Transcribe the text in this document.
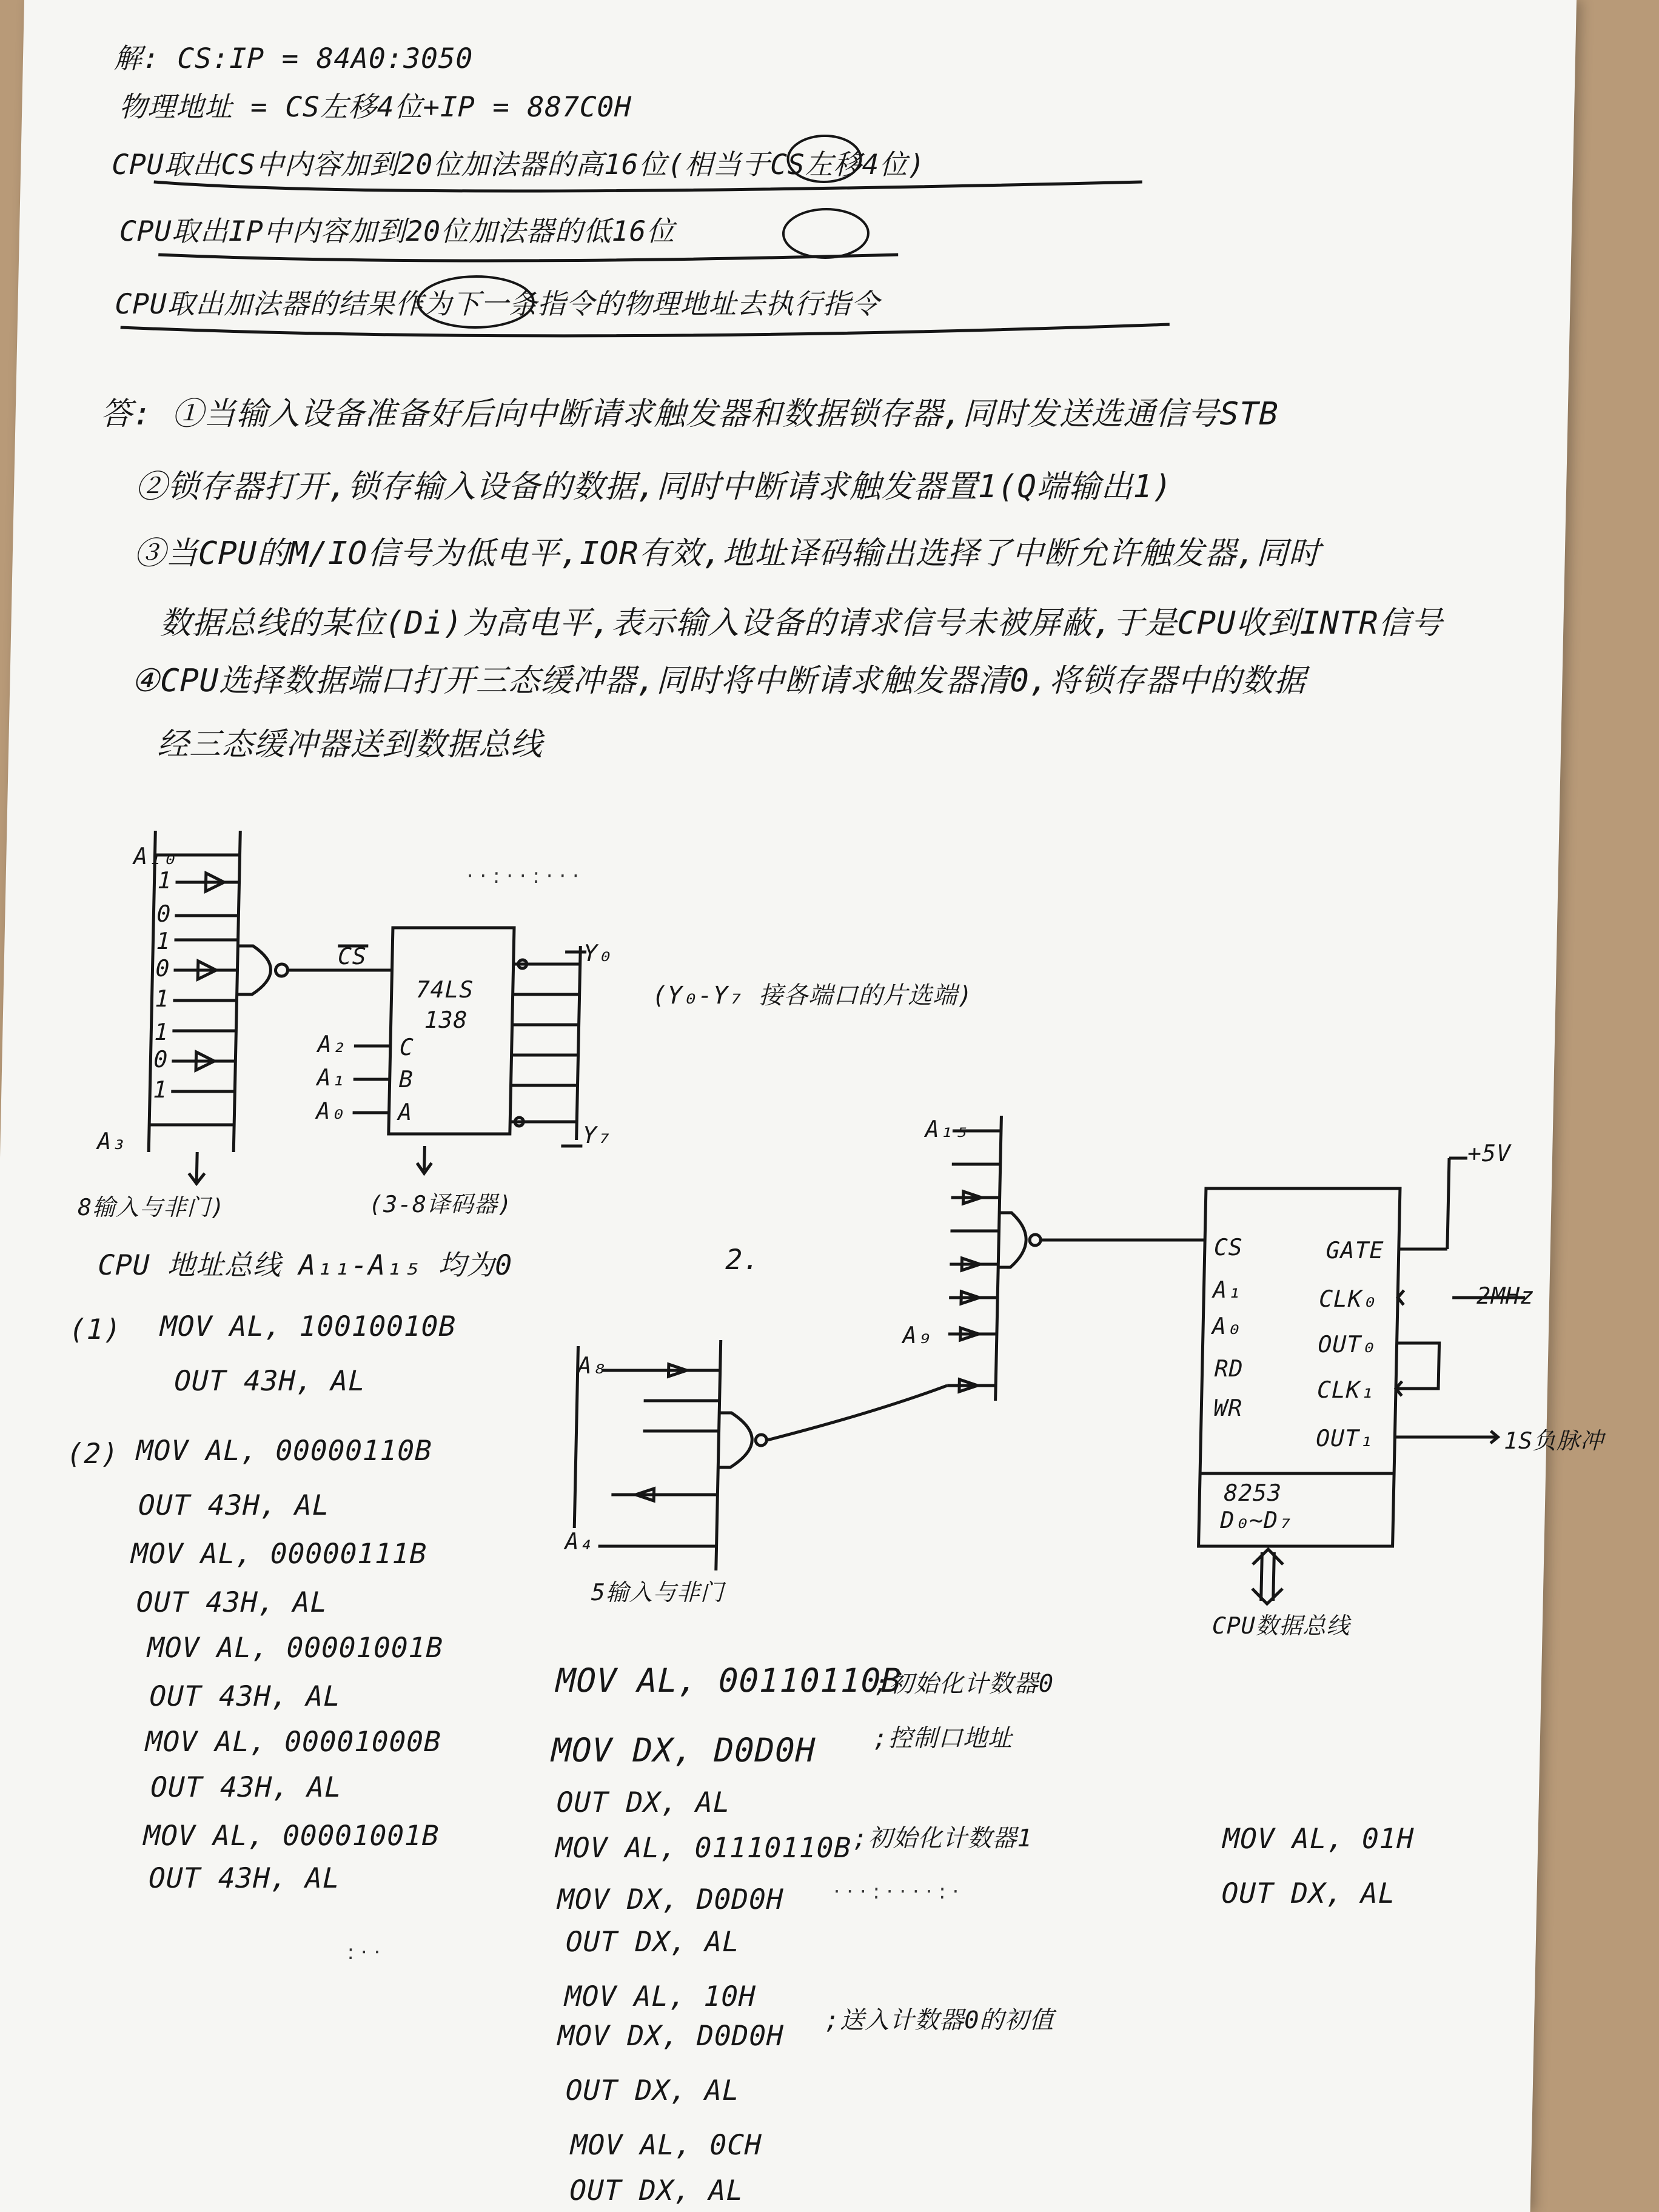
解: CS:IP = 84A0:3050
物理地址 = CS左移4位+IP = 887C0H
CPU取出CS中内容加到20位加法器的高16位(相当于CS左移4位)
CPU取出IP中内容加到20位加法器的低16位
CPU取出加法器的结果作为下一条指令的物理地址去执行指令
答: ①当输入设备准备好后向中断请求触发器和数据锁存器,同时发送选通信号STB
②锁存器打开,锁存输入设备的数据,同时中断请求触发器置1(Q端输出1)
③当CPU的M/IO信号为低电平,IOR有效,地址译码输出选择了中断允许触发器,同时
数据总线的某位(Di)为高电平,表示输入设备的请求信号未被屏蔽,于是CPU收到INTR信号
④CPU选择数据端口打开三态缓冲器,同时将中断请求触发器清0,将锁存器中的数据
经三态缓冲器送到数据总线
A₁₀
A₃
1
0
1
0
1
1
0
1
CS
74LS
138
A₂
A₁
A₀
C
B
A
Y₀
Y₇
8输入与非门)	(3-8译码器)
(Y₀-Y₇ 接各端口的片选端)
CPU 地址总线 A₁₁-A₁₅ 均为0
(1) MOV AL, 10010010B
OUT 43H, AL
(2) MOV AL, 00000110B
OUT 43H, AL
MOV AL, 00000111B
OUT 43H, AL
MOV AL, 00001001B
OUT 43H, AL
MOV AL, 00001000B
OUT 43H, AL
MOV AL, 00001001B
OUT 43H, AL
A₁₅
A₉
A₈
A₄
5输入与非门
2.	CS
A₁
A₀
RD
WR
GATE
CLK₀
OUT₀
CLK₁
OUT₁
8253
D₀~D₇
+5V
2MHz
1S负脉冲
CPU数据总线
MOV AL, 00110110B
;初始化计数器0
MOV DX, D0D0H ;控制口地址
OUT DX, AL
MOV AL, 01110110B ;初始化计数器1
MOV DX, D0D0H
OUT DX, AL
MOV AL, 10H
MOV DX, D0D0H ;送入计数器0的初值
OUT DX, AL
MOV AL, 0CH
OUT DX, AL
MOV AL, 01H
OUT DX, AL
· · : · · : · · ·
· · · : · · · · : ·
: · ·
